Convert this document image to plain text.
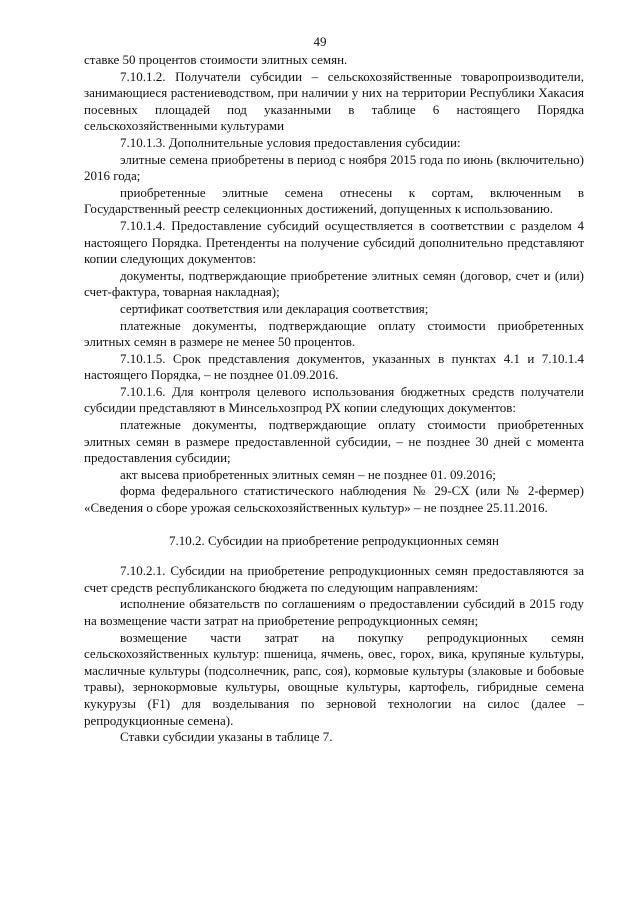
49

ставке 50 процентов стоимости элитных семян.

7.10.1.2. Получатели субсидии – сельскохозяйственные товаропроизводители, занимающиеся растениеводством, при наличии у них на территории Республики Хакасия посевных площадей под указанными в таблице 6 настоящего Порядка сельскохозяйственными культурами

7.10.1.3. Дополнительные условия предоставления субсидии:

элитные семена приобретены в период с ноября 2015 года по июнь (включительно) 2016 года;

приобретенные элитные семена отнесены к сортам, включенным в Государственный реестр селекционных достижений, допущенных к использованию.

7.10.1.4. Предоставление субсидий осуществляется в соответствии с разделом 4 настоящего Порядка. Претенденты на получение субсидий дополнительно представляют копии следующих документов:

документы, подтверждающие приобретение элитных семян (договор, счет и (или) счет-фактура, товарная накладная);

сертификат соответствия или декларация соответствия;

платежные документы, подтверждающие оплату стоимости приобретенных элитных семян в размере не менее 50 процентов.

7.10.1.5. Срок представления документов, указанных в пунктах 4.1 и 7.10.1.4 настоящего Порядка, – не позднее 01.09.2016.

7.10.1.6. Для контроля целевого использования бюджетных средств получатели субсидии представляют в Минсельхозпрод РХ копии следующих документов:

платежные документы, подтверждающие оплату стоимости приобретенных элитных семян в размере предоставленной субсидии, – не позднее 30 дней с момента предоставления субсидии;

акт высева приобретенных элитных семян – не позднее 01. 09.2016;

форма федерального статистического наблюдения № 29-СХ (или № 2-фермер) «Сведения о сборе урожая сельскохозяйственных культур» – не позднее 25.11.2016.

7.10.2. Субсидии на приобретение репродукционных семян

7.10.2.1. Субсидии на приобретение репродукционных семян предоставляются за счет средств республиканского бюджета по следующим направлениям:

исполнение обязательств по соглашениям о предоставлении субсидий в 2015 году на возмещение части затрат на приобретение репродукционных семян;

возмещение части затрат на покупку репродукционных семян сельскохозяйственных культур: пшеница, ячмень, овес, горох, вика, крупяные культуры, масличные культуры (подсолнечник, рапс, соя), кормовые культуры (злаковые и бобовые травы), зернокормовые культуры, овощные культуры, картофель, гибридные семена кукурузы (F1) для возделывания по зерновой технологии на силос (далее – репродукционные семена).

Ставки субсидии указаны в таблице 7.
